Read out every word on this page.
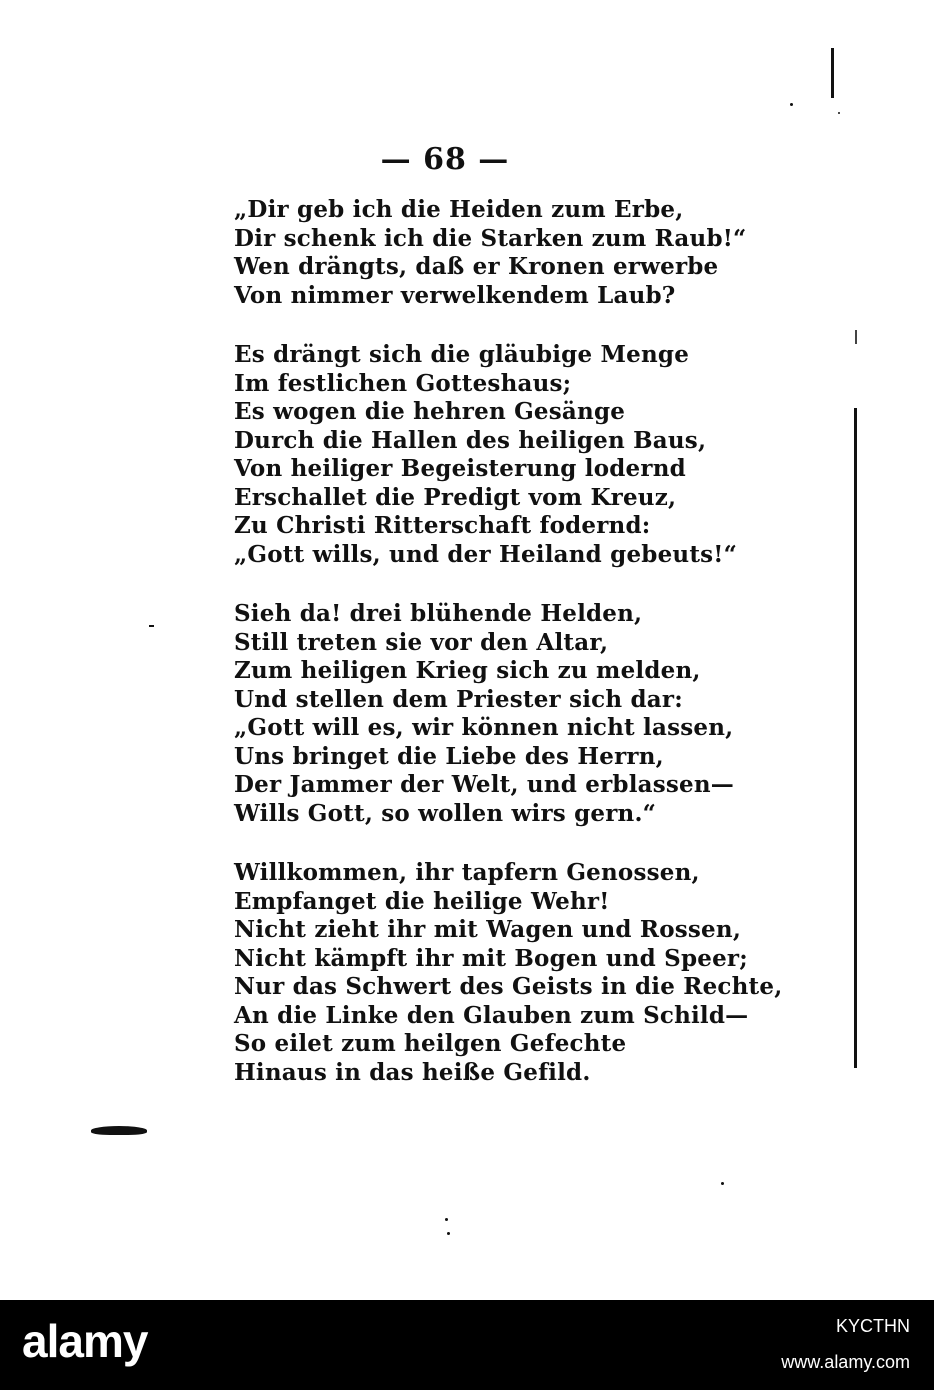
— 68 —
„Dir geb ich die Heiden zum Erbe,
Dir schenk ich die Starken zum Raub!“
Wen drängts, daß er Kronen erwerbe
Von nimmer verwelkendem Laub?
Es drängt sich die gläubige Menge
Im festlichen Gotteshaus;
Es wogen die hehren Gesänge
Durch die Hallen des heiligen Baus,
Von heiliger Begeisterung lodernd
Erschallet die Predigt vom Kreuz,
Zu Christi Ritterschaft fodernd:
„Gott wills, und der Heiland gebeuts!“
Sieh da! drei blühende Helden,
Still treten sie vor den Altar,
Zum heiligen Krieg sich zu melden,
Und stellen dem Priester sich dar:
„Gott will es, wir können nicht lassen,
Uns bringet die Liebe des Herrn,
Der Jammer der Welt, und erblassen—
Wills Gott, so wollen wirs gern.“
Willkommen, ihr tapfern Genossen,
Empfanget die heilige Wehr!
Nicht zieht ihr mit Wagen und Rossen,
Nicht kämpft ihr mit Bogen und Speer;
Nur das Schwert des Geists in die Rechte,
An die Linke den Glauben zum Schild—
So eilet zum heilgen Gefechte
Hinaus in das heiße Gefild.
alamy	KYCTHN
www.alamy.com
